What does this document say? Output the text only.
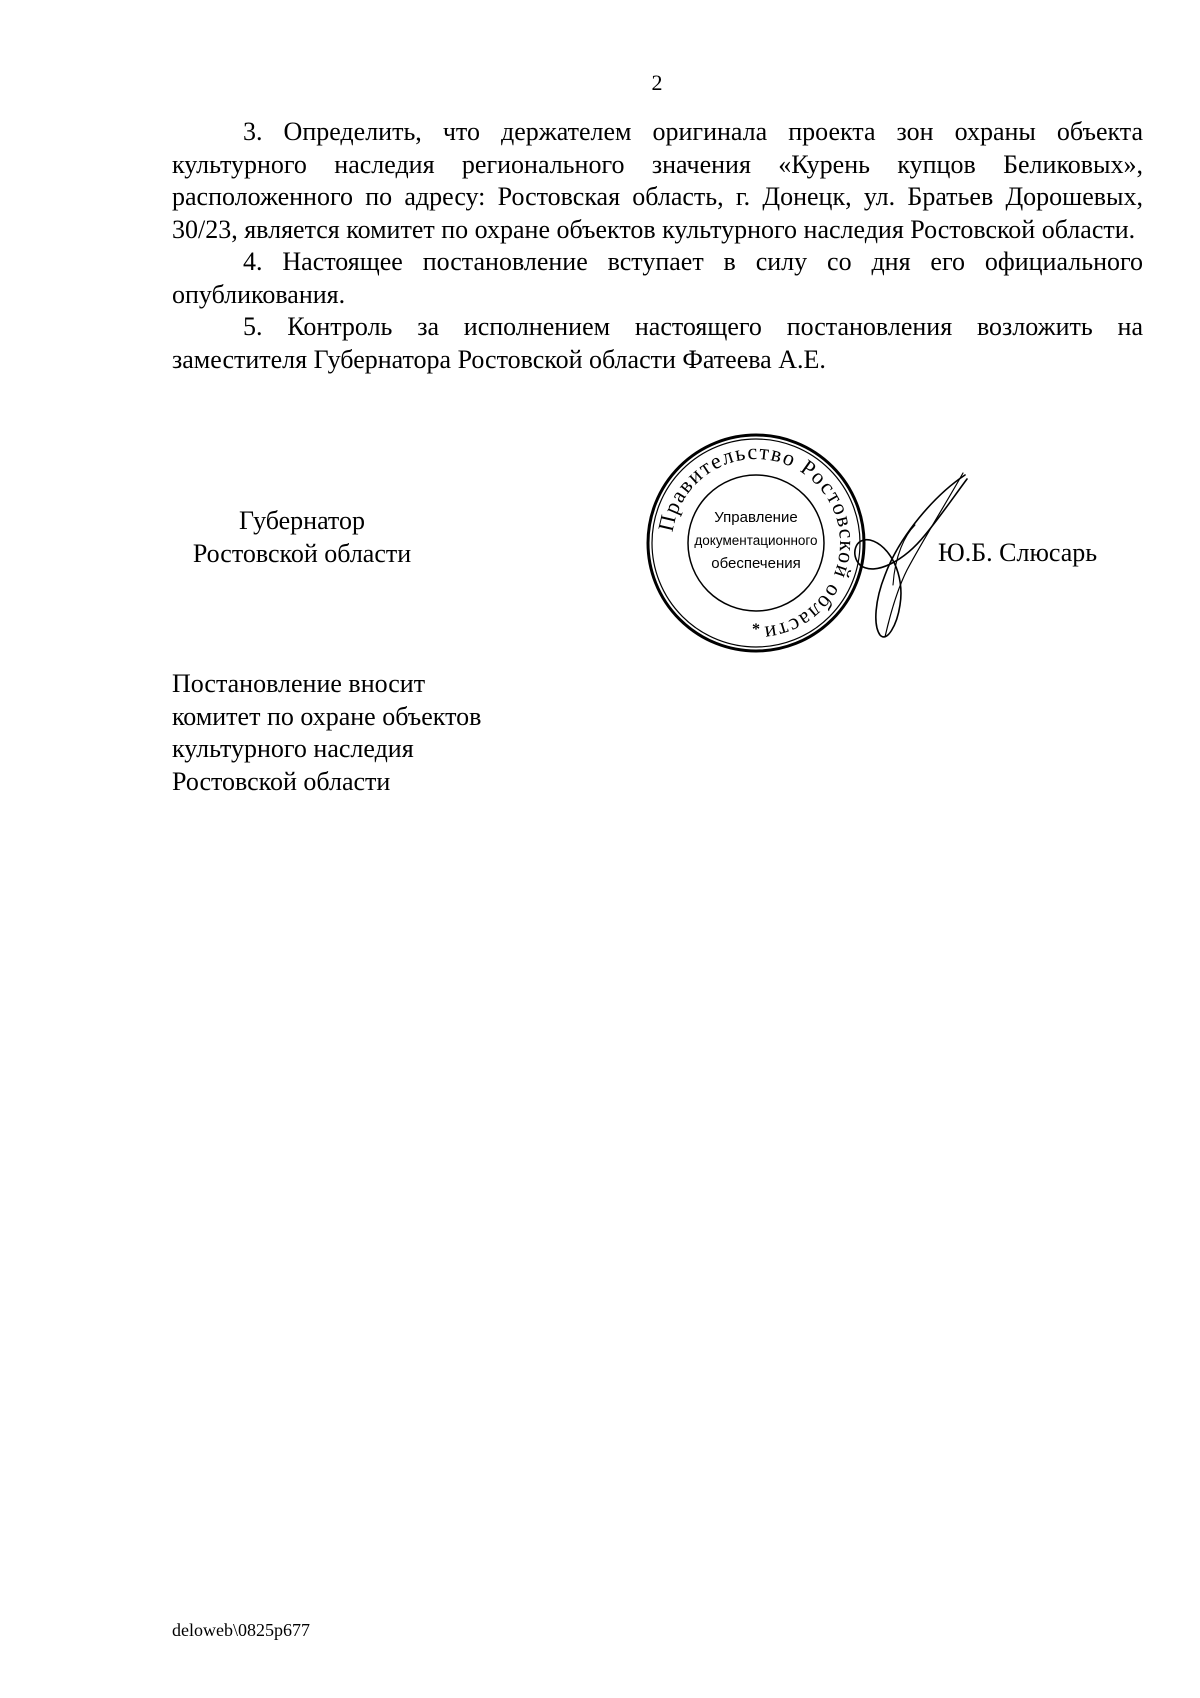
2

3. Определить, что держателем оригинала проекта зон охраны объекта культурного наследия регионального значения «Курень купцов Беликовых», расположенного по адресу: Ростовская область, г. Донецк, ул. Братьев Дорошевых, 30/23, является комитет по охране объектов культурного наследия Ростовской области.

4. Настоящее постановление вступает в силу со дня его официального опубликования.

5. Контроль за исполнением настоящего постановления возложить на заместителя Губернатора Ростовской области Фатеева А.Е.

Губернатор
Ростовской области
Правительство Ростовской области
Управление
документационного
обеспечения
*
Ю.Б. Слюсарь
Постановление вносит
комитет по охране объектов
культурного наследия
Ростовской области
deloweb\0825p677
